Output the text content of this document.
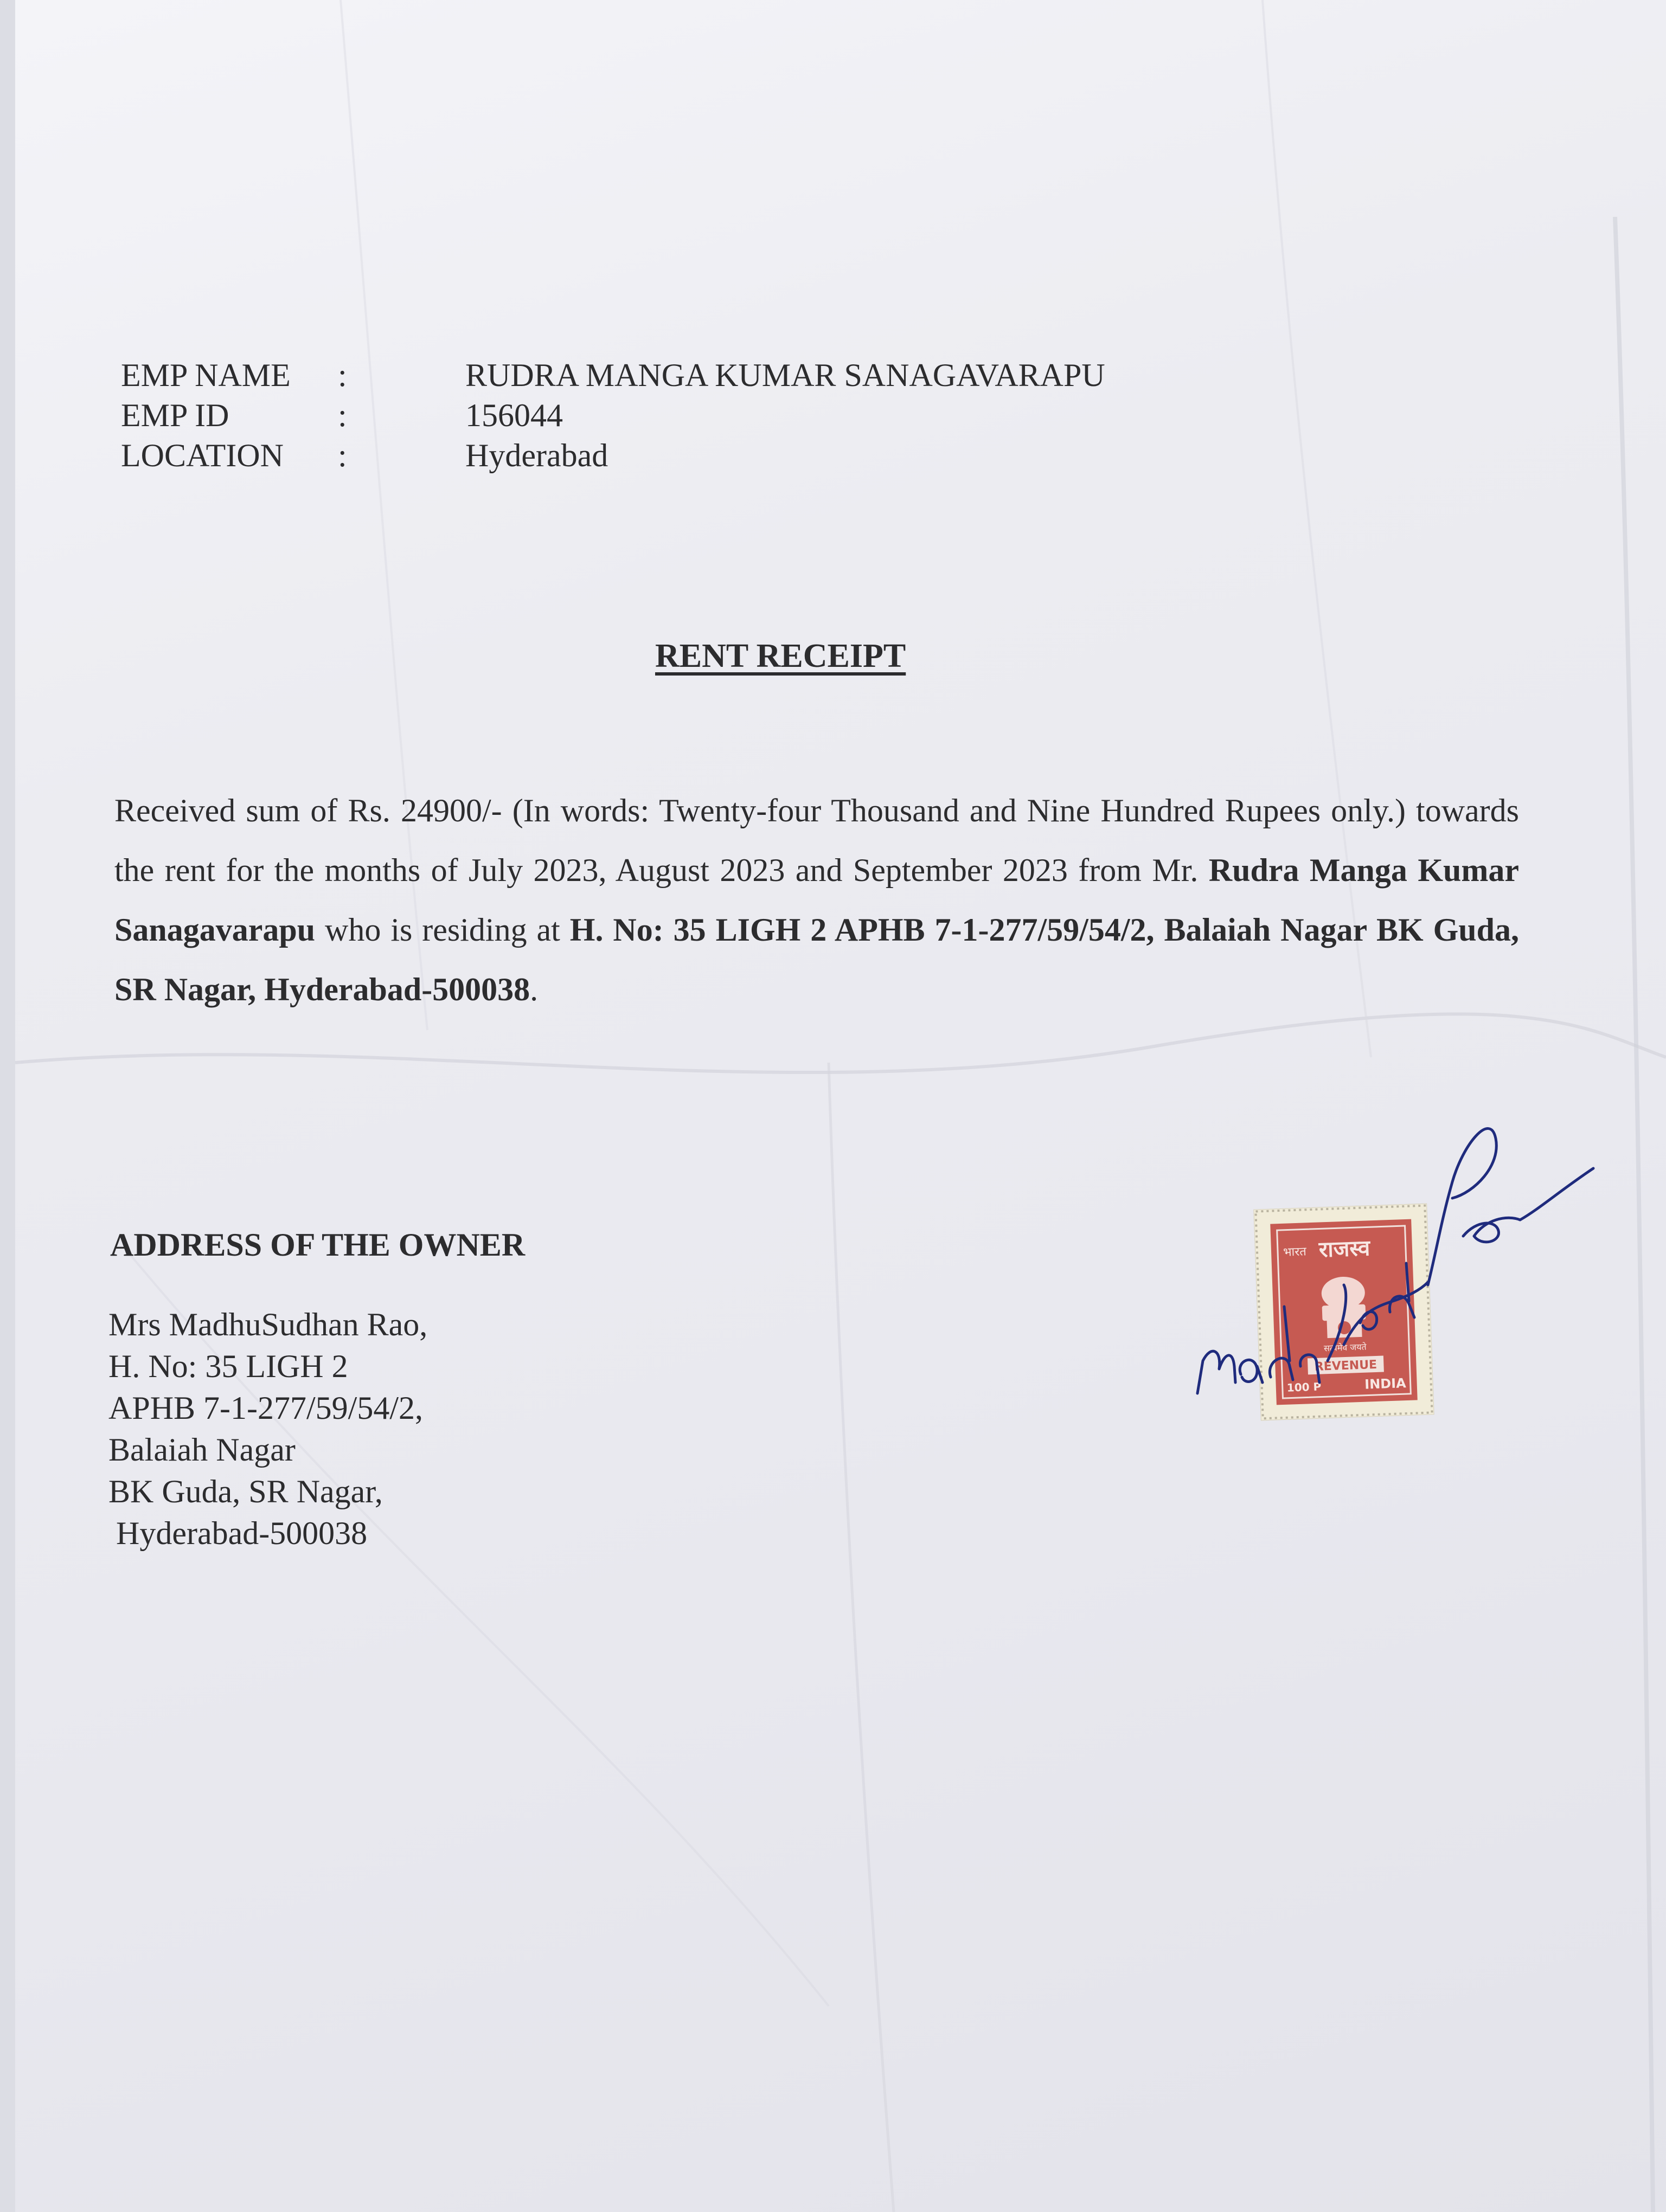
EMP NAME :	RUDRA MANGA KUMAR SANAGAVARAPU
EMP ID	:	156044
LOCATION :	Hyderabad
RENT RECEIPT
Received sum of Rs. 24900/- (In words: Twenty-four Thousand and Nine Hundred Rupees only.) towards the rent for the months of July 2023, August 2023 and September 2023 from Mr. Rudra Manga Kumar Sanagavarapu who is residing at H. No: 35 LIGH 2 APHB 7-1-277/59/54/2, Balaiah Nagar BK Guda, SR Nagar, Hyderabad-500038.
ADDRESS OF THE OWNER
Mrs MadhuSudhan Rao,
H. No: 35 LIGH 2
APHB 7-1-277/59/54/2,
Balaiah Nagar
BK Guda, SR Nagar,
Hyderabad-500038
भारत राजस्व
सत्यमेव जयते
REVENUE
100 P	INDIA
